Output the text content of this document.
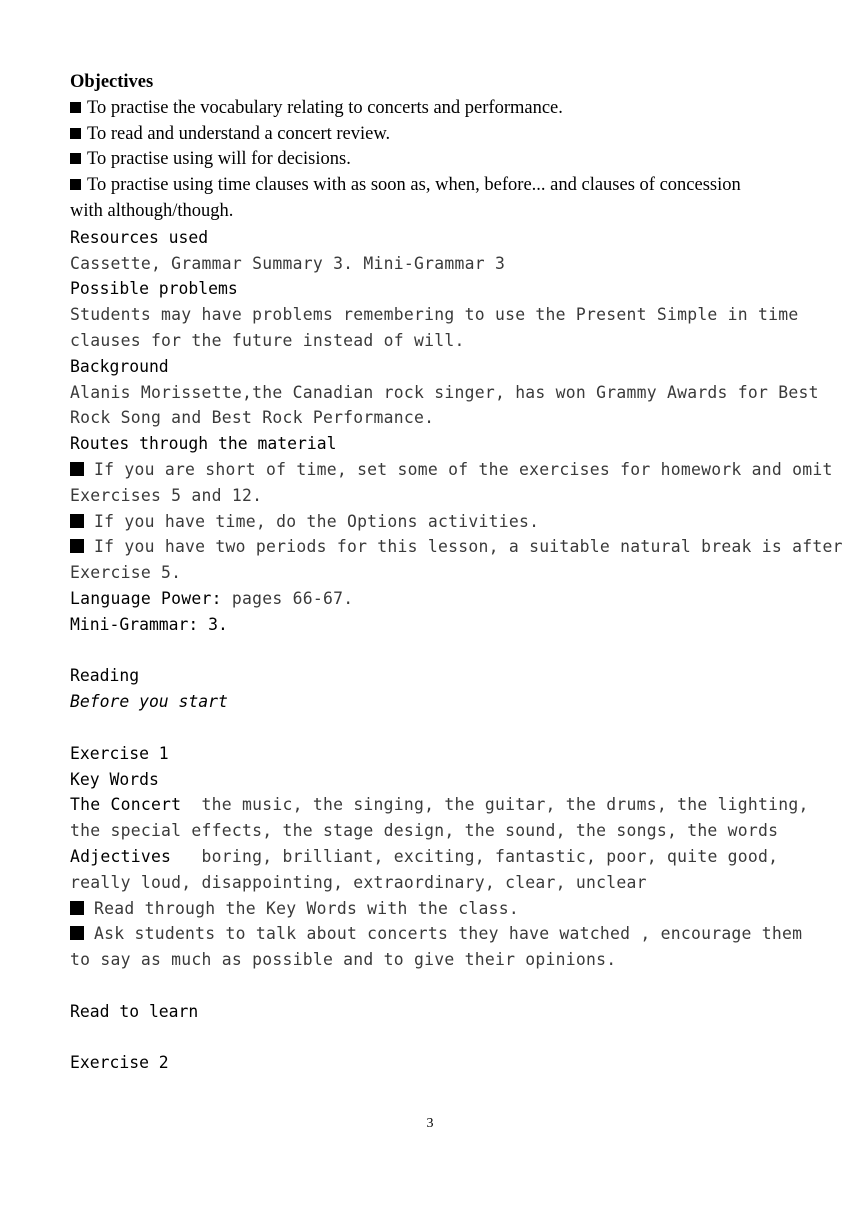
Objectives
To practise the vocabulary relating to concerts and performance.
To read and understand a concert review.
To practise using will for decisions.
To practise using time clauses with as soon as, when, before... and clauses of concession
with although/though.
Resources used
Cassette, Grammar Summary 3. Mini-Grammar 3
Possible problems
Students may have problems remembering to use the Present Simple in time
clauses for the future instead of will.
Background
Alanis Morissette,the Canadian rock singer, has won Grammy Awards for Best
Rock Song and Best Rock Performance.
Routes through the material
If you are short of time, set some of the exercises for homework and omit
Exercises 5 and 12.
If you have time, do the Options activities.
If you have two periods for this lesson, a suitable natural break is after
Exercise 5.
Language Power: pages 66-67.
Mini-Grammar: 3.
Reading
Before you start
Exercise 1
Key Words
The Concert  the music, the singing, the guitar, the drums, the lighting,
the special effects, the stage design, the sound, the songs, the words
Adjectives   boring, brilliant, exciting, fantastic, poor, quite good,
really loud, disappointing, extraordinary, clear, unclear
Read through the Key Words with the class.
Ask students to talk about concerts they have watched , encourage them
to say as much as possible and to give their opinions.
Read to learn
Exercise 2
3
